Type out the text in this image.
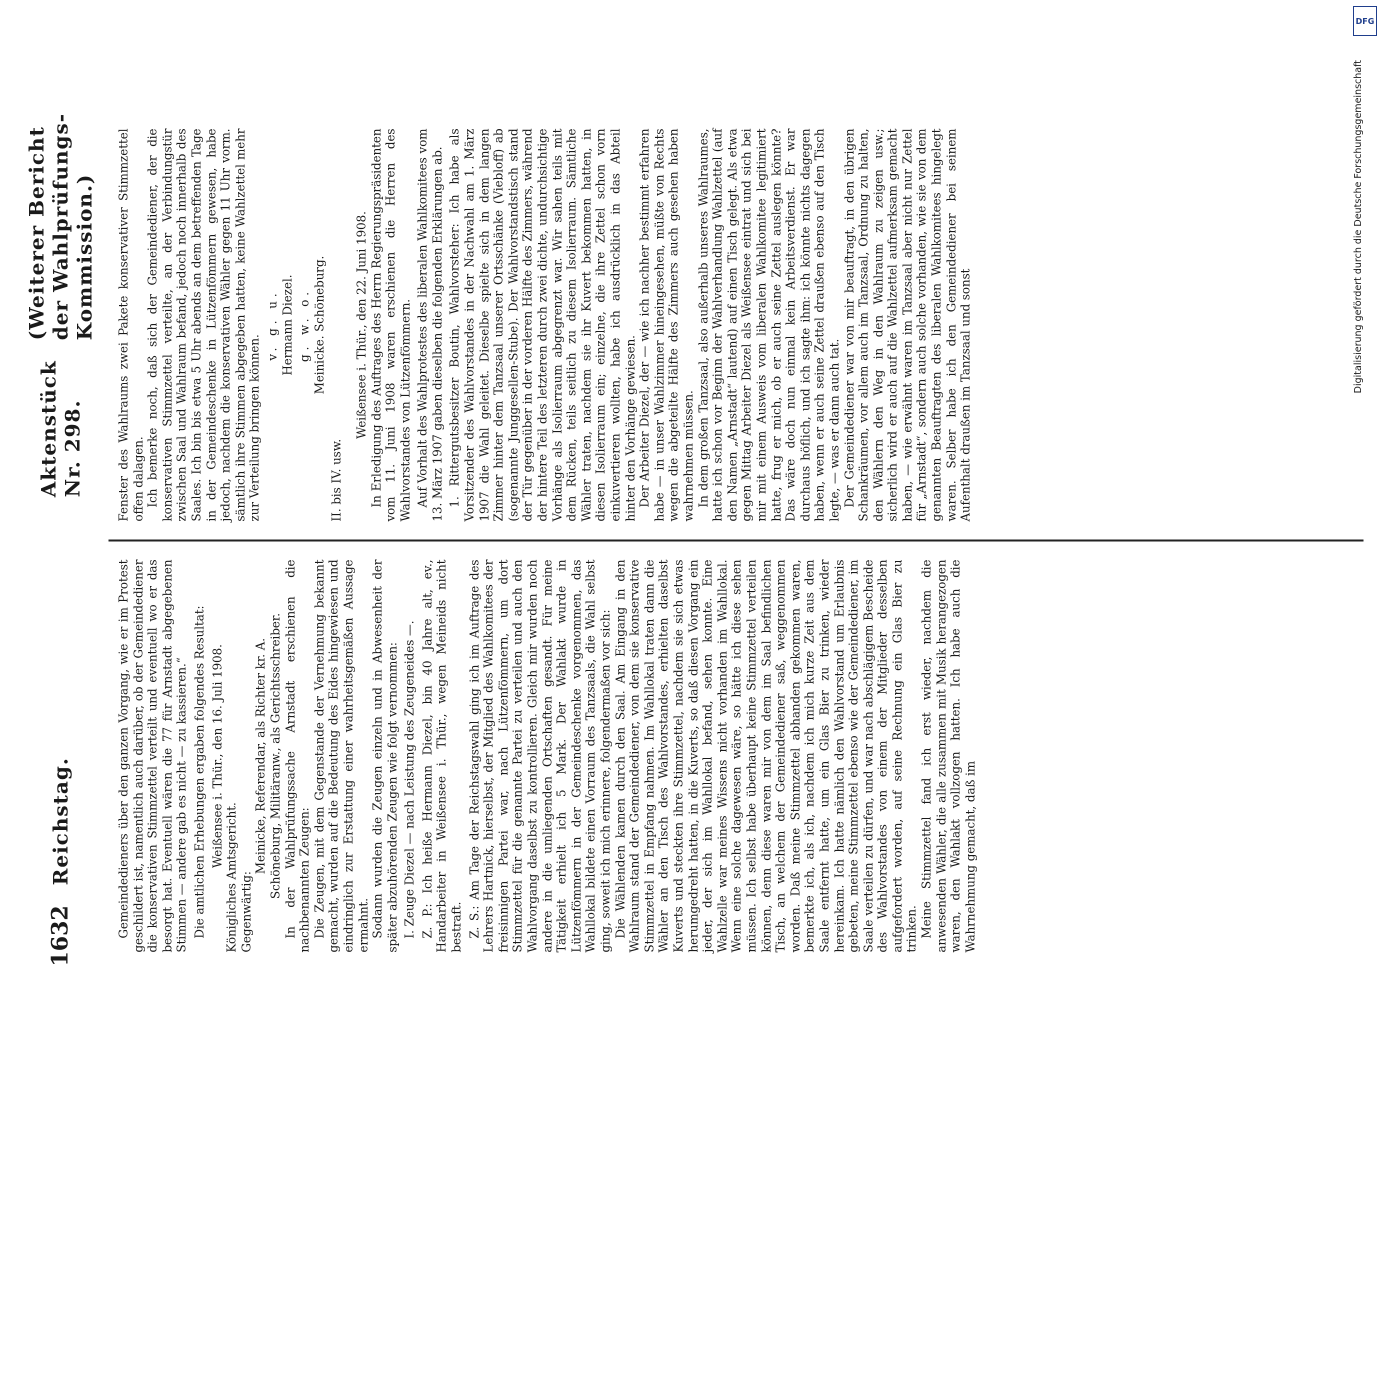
1632
Reichstag.
Aktenstück Nr. 298.
(Weiterer Bericht der Wahlprüfungs-Kommission.)

Gemeindedieners über den ganzen Vorgang, wie er im Protest geschildert ist, namentlich auch darüber, ob der Gemeindediener die konservativen Stimmzettel verteilt und eventuell wo er das besorgt hat. Eventuell wären die 77 für Arnstadt abgegebenen Stimmen — andere gab es nicht — zu kassieren.“ Die amtlichen Erhebungen ergaben folgendes Resultat: Weißensee i. Thür., den 16. Juli 1908.

Königliches Amtsgericht. Gegenwärtig:

Meinicke, Referendar, als Richter kr. A. Schöneburg, Militäranw., als Gerichtsschreiber. In der Wahlprüfungssache Arnstadt erschienen die nachbenannten Zeugen: Die Zeugen, mit dem Gegenstande der Vernehmung bekannt gemacht, wurden auf die Bedeutung des Eides hingewiesen und eindringlich zur Erstattung einer wahrheitsgemäßen Aussage ermahnt. Sodann wurden die Zeugen einzeln und in Abwesenheit der später abzuhörenden Zeugen wie folgt vernommen: I. Zeuge Diezel — nach Leistung des Zeugeneides —. Z. P.: Ich heiße Hermann Diezel, bin 40 Jahre alt, ev., Handarbeiter in Weißensee i. Thür., wegen Meineids nicht bestraft. Z. S.: Am Tage der Reichstagswahl ging ich im Auftrage des Lehrers Hartnick, hierselbst, der Mitglied des Wahlkomitees der freisinnigen Partei war, nach Lützenfömmern, um dort Stimmzettel für die genannte Partei zu verteilen und auch den Wahlvorgang daselbst zu kontrollieren. Gleich mir wurden noch andere in die umliegenden Ortschaften gesandt. Für meine Tätigkeit erhielt ich 5 Mark. Der Wahlakt wurde in Lützenfömmern in der Gemeindeschenke vorgenommen, das Wahllokal bildete einen Vorraum des Tanzsaals, die Wahl selbst ging, soweit ich mich erinnere, folgendermaßen vor sich: Die Wählenden kamen durch den Saal. Am Eingang in den Wahlraum stand der Gemeindediener, von dem sie konservative Stimmzettel in Empfang nahmen. Im Wahllokal traten dann die Wähler an den Tisch des Wahlvorstandes, erhielten daselbst Kuverts und steckten ihre Stimmzettel, nachdem sie sich etwas herumgedreht hatten, in die Kuverts, so daß diesen Vorgang ein jeder, der sich im Wahllokal befand, sehen konnte. Eine Wahlzelle war meines Wissens nicht vorhanden im Wahllokal. Wenn eine solche dagewesen wäre, so hätte ich diese sehen müssen. Ich selbst habe überhaupt keine Stimmzettel verteilen können, denn diese waren mir von dem im Saal befindlichen Tisch, an welchem der Gemeindediener saß, weggenommen worden. Daß meine Stimmzettel abhanden gekommen waren, bemerkte ich, als ich, nachdem ich mich kurze Zeit aus dem Saale entfernt hatte, um ein Glas Bier zu trinken, wieder hereinkam. Ich hatte nämlich den Wahlvorstand um Erlaubnis gebeten, meine Stimmzettel ebenso wie der Gemeindediener, im Saale verteilen zu dürfen, und war nach abschlägigem Bescheide des Wahlvorstandes von einem der Mitglieder desselben aufgefordert worden, auf seine Rechnung ein Glas Bier zu trinken. Meine Stimmzettel fand ich erst wieder, nachdem die anwesenden Wähler, die alle zusammen mit Musik herangezogen waren, den Wahlakt vollzogen hatten. Ich habe auch die Wahrnehmung gemacht, daß im

Fenster des Wahlraums zwei Pakete konservativer Stimmzettel offen dalagen. Ich bemerke noch, daß sich der Gemeindediener, der die konservativen Stimmzettel verteilte, an der Verbindungstür zwischen Saal und Wahlraum befand, jedoch noch innerhalb des Saales. Ich bin bis etwa 5 Uhr abends an dem betreffenden Tage in der Gemeindeschenke in Lützenfömmern gewesen, habe jedoch, nachdem die konservativen Wähler gegen 11 Uhr vorm. sämtlich ihre Stimmen abgegeben hatten, keine Wahlzettel mehr zur Verteilung bringen können.

v. g. u. Hermann Diezel. g. w. o. Meinicke. Schöneburg.

II. bis IV. usw.

Weißensee i. Thür., den 22. Juni 1908. In Erledigung des Auftrages des Herrn Regierungspräsidenten vom 11. Juni 1908 waren erschienen die Herren des Wahlvorstandes von Lützenfömmern. Auf Vorhalt des Wahlprotestes des liberalen Wahlkomitees vom 13. März 1907 gaben dieselben die folgenden Erklärungen ab. 1. Rittergutsbesitzer Boutin, Wahlvorsteher: Ich habe als Vorsitzender des Wahlvorstandes in der Nachwahl am 1. März 1907 die Wahl geleitet. Dieselbe spielte sich in dem langen Zimmer hinter dem Tanzsaal unserer Ortsschänke (Viebloff) ab (sogenannte Junggesellen-Stube). Der Wahlvorstandstisch stand der Tür gegenüber in der vorderen Hälfte des Zimmers, während der hintere Teil des letzteren durch zwei dichte, undurchsichtige Vorhänge als Isolierraum abgegrenzt war. Wir sahen teils mit dem Rücken, teils seitlich zu diesem Isolierraum. Sämtliche Wähler traten, nachdem sie ihr Kuvert bekommen hatten, in diesen Isolierraum ein; einzelne, die ihre Zettel schon vorn einkuvertieren wollten, habe ich ausdrücklich in das Abteil hinter den Vorhänge gewiesen. Der Arbeiter Diezel, der — wie ich nachher bestimmt erfahren habe — in unser Wahlzimmer hineingesehen, müßte von Rechts wegen die abgeteilte Hälfte des Zimmers auch gesehen haben wahrnehmen müssen. In dem großen Tanzsaal, also außerhalb unseres Wahlraumes, hatte ich schon vor Beginn der Wahlverhandlung Wahlzettel (auf den Namen „Arnstadt“ lautend) auf einen Tisch gelegt. Als etwa gegen Mittag Arbeiter Diezel als Weißensee eintrat und sich bei mir mit einem Ausweis vom liberalen Wahlkomitee legitimiert hatte, frug er mich, ob er auch seine Zettel auslegen könnte? Das wäre doch nun einmal kein Arbeitsverdienst. Er war durchaus höflich, und ich sagte ihm: ich könnte nichts dagegen haben, wenn er auch seine Zettel draußen ebenso auf den Tisch legte, — was er dann auch tat. Der Gemeindediener war von mir beauftragt, in den übrigen Schankräumen, vor allem auch im Tanzsaal, Ordnung zu halten, den Wählern den Weg in den Wahlraum zu zeigen usw.; sicherlich wird er auch auf die Wahlzettel aufmerksam gemacht haben, — wie erwähnt waren im Tanzsaal aber nicht nur Zettel für „Arnstadt“, sondern auch solche vorhanden, wie sie von dem genannten Beauftragten des liberalen Wahlkomitees hingelegt waren. Selber habe ich den Gemeindediener bei seinem Aufenthalt draußen im Tanzsaal und sonst

DFG
Digitalisierung gefördert durch die Deutsche Forschungsgemeinschaft
